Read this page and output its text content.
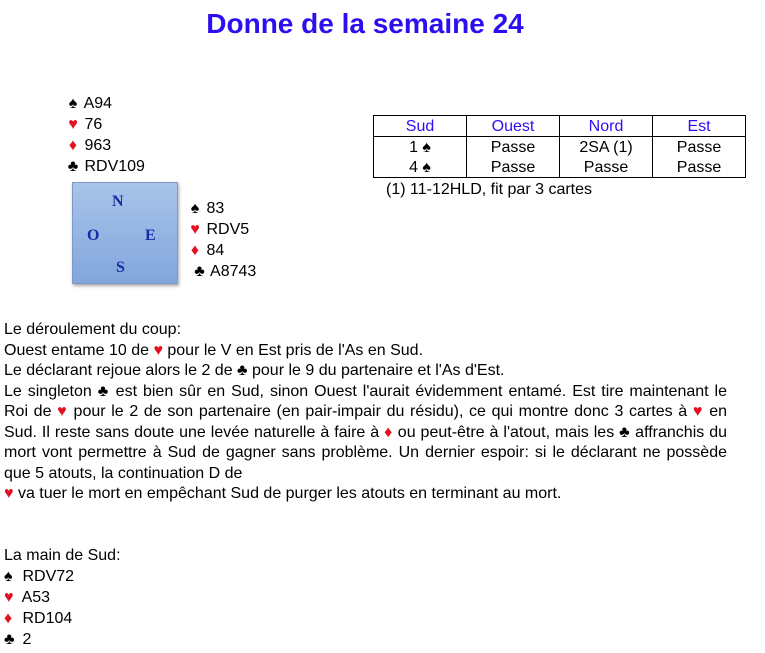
Donne de la semaine 24
♠ A94
♥ 76
♦ 963
♣ RDV109
N
O	E
S
♠ 83
♥ RDV5
♦ 84
♣ A8743
Sud	Ouest	Nord	Est
1 ♠	Passe	2SA (1)	Passe
4 ♠	Passe	Passe	Passe
(1) 11-12HLD, fit par 3 cartes

Le déroulement du coup:

Ouest entame 10 de ♥ pour le V en Est pris de l'As en Sud.

Le déclarant rejoue alors le 2 de ♣ pour le 9 du partenaire et l'As d'Est.

Le singleton ♣ est bien sûr en Sud, sinon Ouest l'aurait évidemment entamé. Est tire maintenant le Roi de ♥ pour le 2 de son partenaire (en pair-impair du résidu), ce qui montre donc 3 cartes à ♥ en Sud. Il reste sans doute une levée naturelle à faire à ♦ ou peut-être à l'atout, mais les ♣ affranchis du mort vont permettre à Sud de gagner sans problème. Un dernier espoir: si le déclarant ne possède que 5 atouts, la continuation D de
♥ va tuer le mort en empêchant Sud de purger les atouts en terminant au mort.

La main de Sud:
♠ RDV72
♥ A53
♦ RD104
♣ 2
